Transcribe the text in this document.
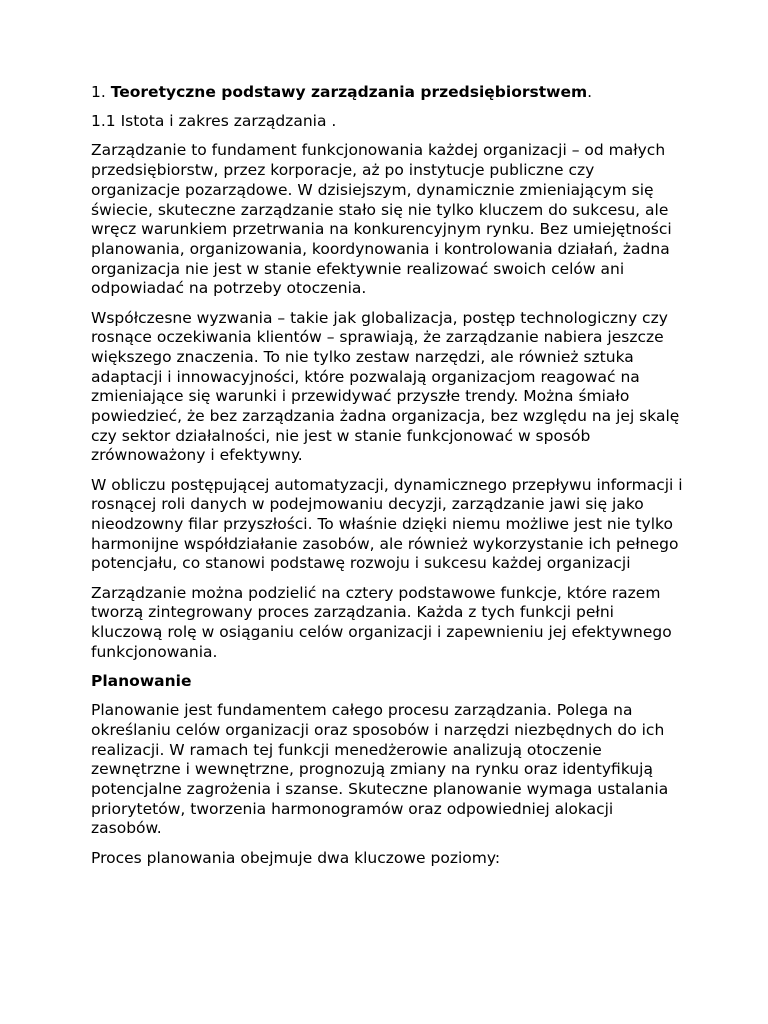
1. Teoretyczne podstawy zarządzania przedsiębiorstwem.

1.1 Istota i zakres zarządzania .

Zarządzanie to fundament funkcjonowania każdej organizacji – od małych przedsiębiorstw, przez korporacje, aż po instytucje publiczne czy organizacje pozarządowe. W dzisiejszym, dynamicznie zmieniającym się świecie, skuteczne zarządzanie stało się nie tylko kluczem do sukcesu, ale wręcz warunkiem przetrwania na konkurencyjnym rynku. Bez umiejętności planowania, organizowania, koordynowania i kontrolowania działań, żadna organizacja nie jest w stanie efektywnie realizować swoich celów ani odpowiadać na potrzeby otoczenia.

Współczesne wyzwania – takie jak globalizacja, postęp technologiczny czy rosnące oczekiwania klientów – sprawiają, że zarządzanie nabiera jeszcze większego znaczenia. To nie tylko zestaw narzędzi, ale również sztuka adaptacji i innowacyjności, które pozwalają organizacjom reagować na zmieniające się warunki i przewidywać przyszłe trendy. Można śmiało powiedzieć, że bez zarządzania żadna organizacja, bez względu na jej skalę czy sektor działalności, nie jest w stanie funkcjonować w sposób zrównoważony i efektywny.

W obliczu postępującej automatyzacji, dynamicznego przepływu informacji i rosnącej roli danych w podejmowaniu decyzji, zarządzanie jawi się jako nieodzowny filar przyszłości. To właśnie dzięki niemu możliwe jest nie tylko harmonijne współdziałanie zasobów, ale również wykorzystanie ich pełnego potencjału, co stanowi podstawę rozwoju i sukcesu każdej organizacji

Zarządzanie można podzielić na cztery podstawowe funkcje, które razem tworzą zintegrowany proces zarządzania. Każda z tych funkcji pełni kluczową rolę w osiąganiu celów organizacji i zapewnieniu jej efektywnego funkcjonowania.

Planowanie

Planowanie jest fundamentem całego procesu zarządzania. Polega na określaniu celów organizacji oraz sposobów i narzędzi niezbędnych do ich realizacji. W ramach tej funkcji menedżerowie analizują otoczenie zewnętrzne i wewnętrzne, prognozują zmiany na rynku oraz identyfikują potencjalne zagrożenia i szanse. Skuteczne planowanie wymaga ustalania priorytetów, tworzenia harmonogramów oraz odpowiedniej alokacji zasobów.

Proces planowania obejmuje dwa kluczowe poziomy:
